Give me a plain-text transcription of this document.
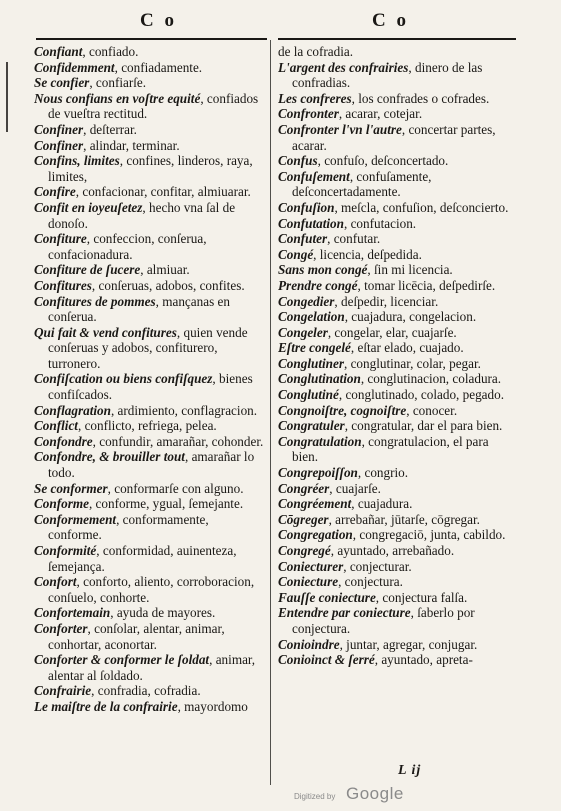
C o	C o
Confiant, confiado.
Confidemment, confiadamente.
Se confier, confiarſe.
Nous confians en voſtre equité, confiados de vueſtra rectitud.
Confiner, deſterrar.
Confiner, alindar, terminar.
Confins, limites, confines, linderos, raya, limites,
Confire, confacionar, confitar, almiuarar.
Confit en ioyeuſetez, hecho vna ſal de donoſo.
Confiture, confeccion, conſerua, confacionadura.
Confiture de ſucere, almiuar.
Confitures, conſeruas, adobos, confites.
Confitures de pommes, mançanas en conſerua.
Qui fait & vend confitures, quien vende conſeruas y adobos, confiturero, turronero.
Confiſcation ou biens confiſquez, bienes confiſcados.
Conflagration, ardimiento, conflagracion.
Conflict, conflicto, refriega, pelea.
Confondre, confundir, amarañar, cohonder.
Confondre, & brouiller tout, amarañar lo todo.
Se conformer, conformarſe con alguno.
Conforme, conforme, ygual, ſemejante.
Conformement, conformamente, conforme.
Conformité, conformidad, auinenteza, ſemejança.
Confort, conforto, aliento, corroboracion, conſuelo, conhorte.
Confortemain, ayuda de mayores.
Conforter, conſolar, alentar, animar, conhortar, aconortar.
Conforter & conformer le ſoldat, animar, alentar al ſoldado.
Confrairie, confradia, cofradia.
Le maiſtre de la confrairie, mayordomo
de la cofradia.
L'argent des confrairies, dinero de las confradias.
Les confreres, los confrades o cofrades.
Confronter, acarar, cotejar.
Confronter l'vn l'autre, concertar partes, acarar.
Confus, confuſo, deſconcertado.
Confuſement, confuſamente, deſconcertadamente.
Confuſion, meſcla, confuſion, deſconcierto.
Confutation, confutacion.
Confuter, confutar.
Congé, licencia, deſpedida.
Sans mon congé, ſin mi licencia.
Prendre congé, tomar licēcia, deſpedirſe.
Congedier, deſpedir, licenciar.
Congelation, cuajadura, congelacion.
Congeler, congelar, elar, cuajarſe.
Eſtre congelé, eſtar elado, cuajado.
Conglutiner, conglutinar, colar, pegar.
Conglutination, conglutinacion, coladura.
Conglutiné, conglutinado, colado, pegado.
Congnoiſtre, cognoiſtre, conocer.
Congratuler, congratular, dar el para bien.
Congratulation, congratulacion, el para bien.
Congrepoiſſon, congrio.
Congréer, cuajarſe.
Congréement, cuajadura.
Cōgreger, arrebañar, jūtarſe, cōgregar.
Congregation, congregaciō, junta, cabildo.
Congregé, ayuntado, arrebañado.
Coniecturer, conjecturar.
Coniecture, conjectura.
Fauſſe coniecture, conjectura falſa.
Entendre par coniecture, ſaberlo por conjectura.
Conioindre, juntar, agregar, conjugar.
Conioinct & ſerré, ayuntado, apreta-
L ij
Digitized by Google
